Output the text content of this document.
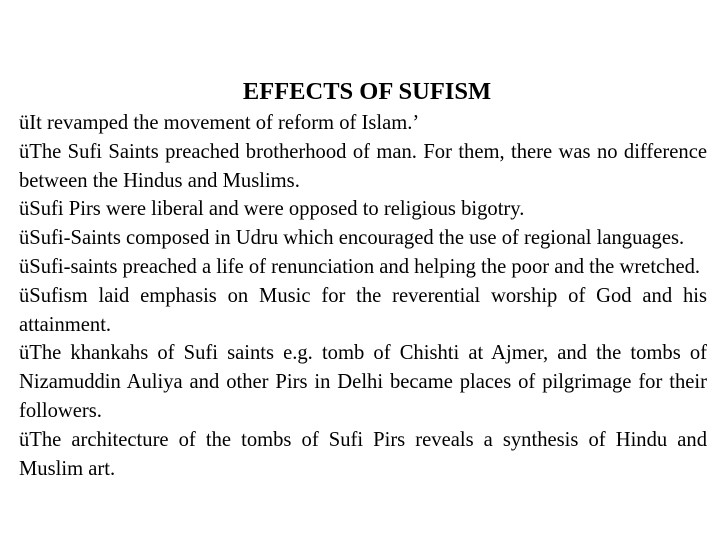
EFFECTS OF SUFISM
üIt revamped the movement of reform of Islam.’
üThe Sufi Saints preached brotherhood of man. For them, there was no difference between the Hindus and Muslims.
üSufi Pirs were liberal and were opposed to religious bigotry.
üSufi-Saints composed in Udru which encouraged the use of regional languages.
üSufi-saints preached a life of renunciation and helping the poor and the wretched.
üSufism laid emphasis on Music for the reverential worship of God and his attainment.
üThe khankahs of Sufi saints e.g. tomb of Chishti at Ajmer, and the tombs of Nizamuddin Auliya and other Pirs in Delhi became places of pilgrimage for their followers.
üThe architecture of the tombs of Sufi Pirs reveals a synthesis of Hindu and Muslim art.
